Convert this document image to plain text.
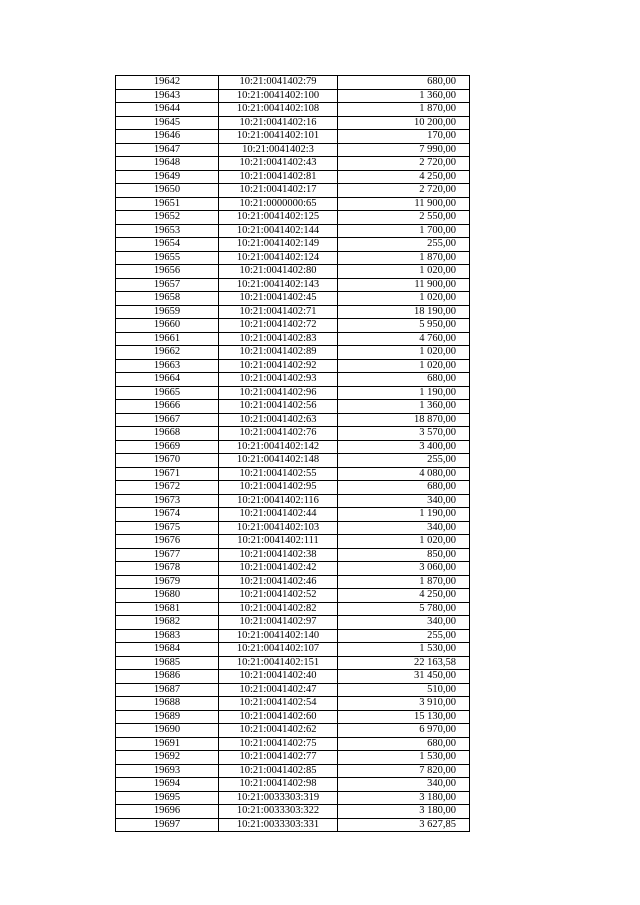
19642	10:21:0041402:79	680,00
19643	10:21:0041402:100	1 360,00
19644	10:21:0041402:108	1 870,00
19645	10:21:0041402:16	10 200,00
19646	10:21:0041402:101	170,00
19647	10:21:0041402:3	7 990,00
19648	10:21:0041402:43	2 720,00
19649	10:21:0041402:81	4 250,00
19650	10:21:0041402:17	2 720,00
19651	10:21:0000000:65	11 900,00
19652	10:21:0041402:125	2 550,00
19653	10:21:0041402:144	1 700,00
19654	10:21:0041402:149	255,00
19655	10:21:0041402:124	1 870,00
19656	10:21:0041402:80	1 020,00
19657	10:21:0041402:143	11 900,00
19658	10:21:0041402:45	1 020,00
19659	10:21:0041402:71	18 190,00
19660	10:21:0041402:72	5 950,00
19661	10:21:0041402:83	4 760,00
19662	10:21:0041402:89	1 020,00
19663	10:21:0041402:92	1 020,00
19664	10:21:0041402:93	680,00
19665	10:21:0041402:96	1 190,00
19666	10:21:0041402:56	1 360,00
19667	10:21:0041402:63	18 870,00
19668	10:21:0041402:76	3 570,00
19669	10:21:0041402:142	3 400,00
19670	10:21:0041402:148	255,00
19671	10:21:0041402:55	4 080,00
19672	10:21:0041402:95	680,00
19673	10:21:0041402:116	340,00
19674	10:21:0041402:44	1 190,00
19675	10:21:0041402:103	340,00
19676	10:21:0041402:111	1 020,00
19677	10:21:0041402:38	850,00
19678	10:21:0041402:42	3 060,00
19679	10:21:0041402:46	1 870,00
19680	10:21:0041402:52	4 250,00
19681	10:21:0041402:82	5 780,00
19682	10:21:0041402:97	340,00
19683	10:21:0041402:140	255,00
19684	10:21:0041402:107	1 530,00
19685	10:21:0041402:151	22 163,58
19686	10:21:0041402:40	31 450,00
19687	10:21:0041402:47	510,00
19688	10:21:0041402:54	3 910,00
19689	10:21:0041402:60	15 130,00
19690	10:21:0041402:62	6 970,00
19691	10:21:0041402:75	680,00
19692	10:21:0041402:77	1 530,00
19693	10:21:0041402:85	7 820,00
19694	10:21:0041402:98	340,00
19695	10:21:0033303:319	3 180,00
19696	10:21:0033303:322	3 180,00
19697	10:21:0033303:331	3 627,85
